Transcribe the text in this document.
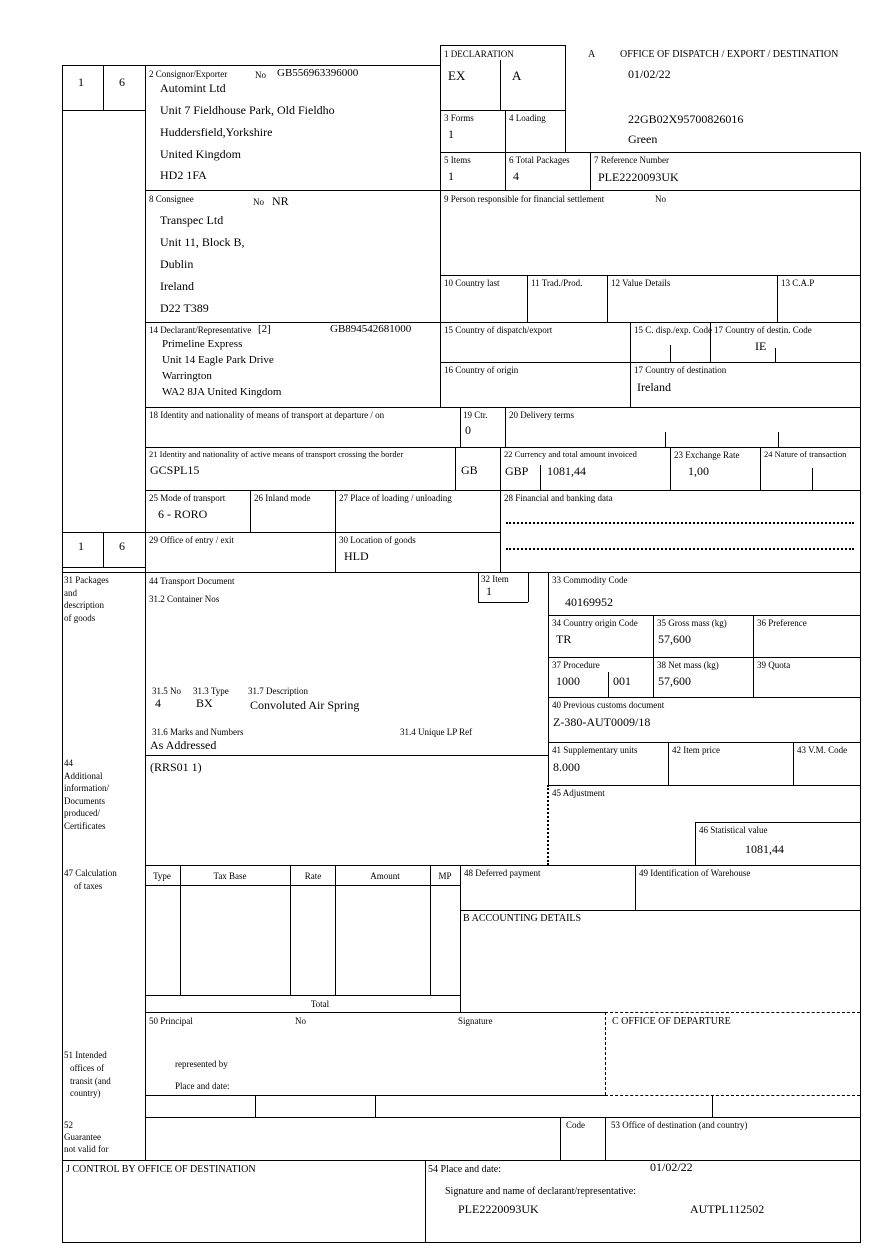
1	6
1	6
1 DECLARATION
EX	A
A OFFICE OF DISPATCH / EXPORT / DESTINATION
01/02/22
22GB02X95700826016
Green
2 Consignor/Exporter	No GB556963396000
Automint Ltd
Unit 7 Fieldhouse Park, Old Fieldho
Huddersfield,Yorkshire
United Kingdom
HD2 1FA
3 Forms
1
4 Loading
5 Items
1
6 Total Packages
4
7 Reference Number
PLE2220093UK
8 Consignee	No NR
Transpec Ltd
Unit 11, Block B,
Dublin
Ireland
D22 T389
9 Person responsible for financial settlement	No
10 Country last	11 Trad./Prod.	12 Value Details	13 C.A.P
14 Declarant/Representative [2]	GB894542681000
Primeline Express
Unit 14 Eagle Park Drive
Warrington
WA2 8JA United Kingdom
15 Country of dispatch/export	15 C. disp./exp. Code 17 Country of destin. Code
IE
16 Country of origin	17 Country of destination
Ireland
18 Identity and nationality of means of transport at departure / on	19 Ctr.
0
20 Delivery terms
21 Identity and nationality of active means of transport crossing the border
GCSPL15	GB
22 Currency and total amount invoiced
GBP 1081,44
23 Exchange Rate
1,00
24 Nature of transaction
25 Mode of transport
6 - RORO
26 Inland mode	27 Place of loading / unloading	28 Financial and banking data
29 Office of entry / exit	30 Location of goods
HLD
31 Packages
and
description
of goods
44 Transport Document
31.2 Container Nos
32 Item
1
33 Commodity Code
40169952
34 Country origin Code
TR
35 Gross mass (kg)
57,600
36 Preference
37 Procedure
1000	001
38 Net mass (kg)
57,600
39 Quota
31.5 No
4
31.3 Type
BX
31.7 Description
Convoluted Air Spring	40 Previous customs document
Z-380-AUT0009/18
31.6 Marks and Numbers
As Addressed
31.4 Unique LP Ref
41 Supplementary units
8.000
42 Item price	43 V.M. Code
(RRS01 1)
44
Additional
information/
Documents
produced/
Certificates
45 Adjustment
46 Statistical value
1081,44
47 Calculation
of taxes
Type	Tax Base	Rate	Amount	MP
Total
48 Deferred payment	49 Identification of Warehouse
B ACCOUNTING DETAILS
50 Principal	No	Signature	C OFFICE OF DEPARTURE
represented by
Place and date:
51 Intended
offices of
transit (and
country)
52
Guarantee
not valid for
Code	53 Office of destination (and country)
J CONTROL BY OFFICE OF DESTINATION	54 Place and date:	01/02/22
Signature and name of declarant/representative:
PLE2220093UK	AUTPL112502
